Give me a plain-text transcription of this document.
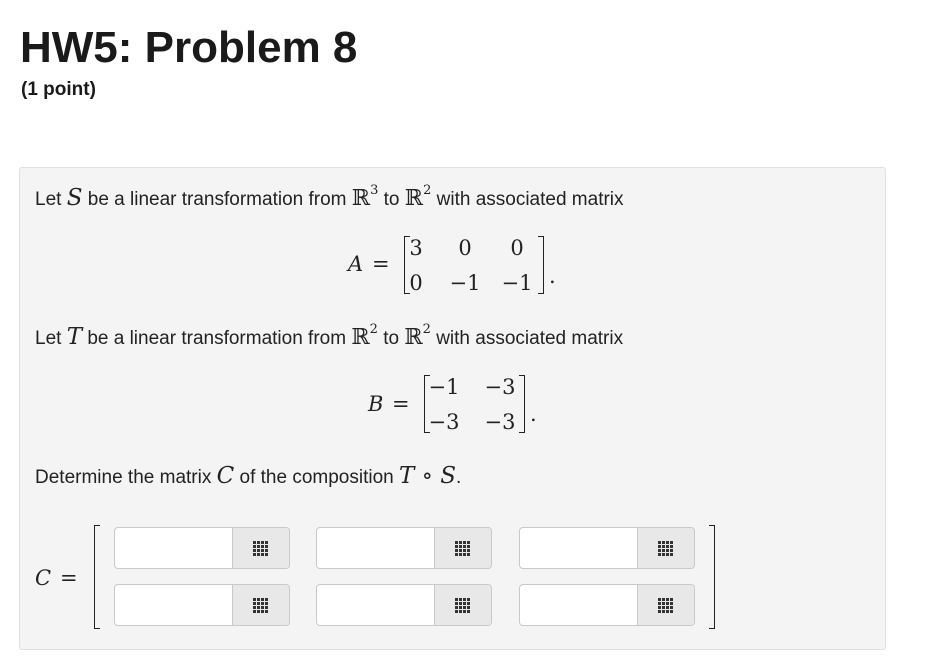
HW5: Problem 8
(1 point)
Let S be a linear transformation from ℝ$^3$ to ℝ$^2$ with associated matrix
A =
3	0	0
0	−1	−1 .
Let T be a linear transformation from ℝ$^2$ to ℝ$^2$ with associated matrix
B =
−1	−3
−3	−3 .
Determine the matrix C of the composition T ∘ S.
C =
